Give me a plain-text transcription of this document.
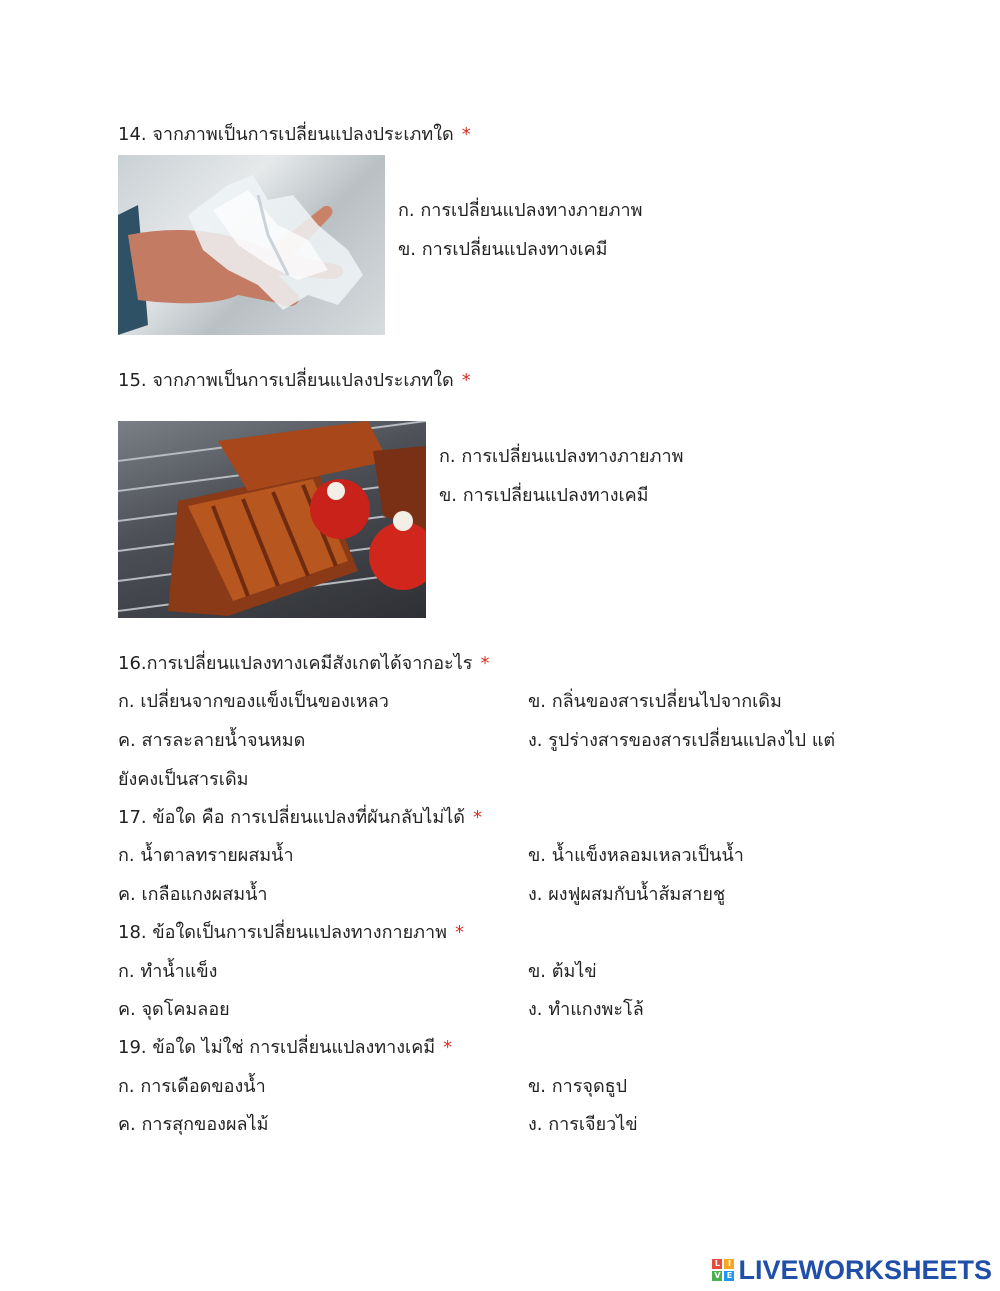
14. จากภาพเป็นการเปลี่ยนแปลงประเภทใด *
ก. การเปลี่ยนแปลงทางภายภาพ
ข. การเปลี่ยนแปลงทางเคมี
15. จากภาพเป็นการเปลี่ยนแปลงประเภทใด *
ก. การเปลี่ยนแปลงทางภายภาพ
ข. การเปลี่ยนแปลงทางเคมี
16.การเปลี่ยนแปลงทางเคมีสังเกตได้จากอะไร *
ก. เปลี่ยนจากของแข็งเป็นของเหลว	ข. กลิ่นของสารเปลี่ยนไปจากเดิม
ค. สารละลายน้ำจนหมด	ง. รูปร่างสารของสารเปลี่ยนแปลงไป แต่
ยังคงเป็นสารเดิม
17. ข้อใด คือ การเปลี่ยนแปลงที่ผันกลับไม่ได้ *
ก. น้ำตาลทรายผสมน้ำ	ข. น้ำแข็งหลอมเหลวเป็นน้ำ
ค. เกลือแกงผสมน้ำ	ง. ผงฟูผสมกับน้ำส้มสายชู
18. ข้อใดเป็นการเปลี่ยนแปลงทางกายภาพ *
ก. ทำน้ำแข็ง	ข. ต้มไข่
ค. จุดโคมลอย	ง. ทำแกงพะโล้
19. ข้อใด ไม่ใช่ การเปลี่ยนแปลงทางเคมี *
ก. การเดือดของน้ำ	ข. การจุดธูป
ค. การสุกของผลไม้	ง. การเจียวไข่
L I
V E LIVEWORKSHEETS
